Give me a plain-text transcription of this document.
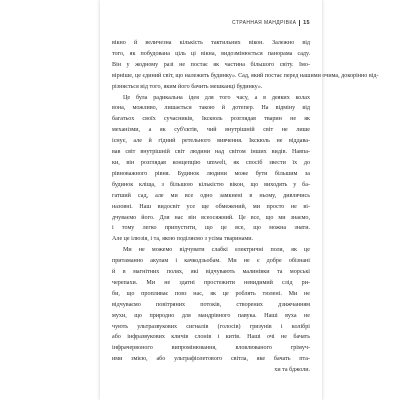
СТРАННАЯ МАНДРІВКА 15
вікно й величезна кількість тактильних вікон. Залежно від
того, як побудована ціль ці вікна, видозмінюється панорама саду.
Він у жодному разі не постає як частина більшого світу. Імо-
вірніше, це єдиний світ, що належить будинку». Сад, який постає перед нашими очима, докорінно від-
різняється від того, яким його бачить мешканці будинку».
Це була радикальна ідея для того часу, а в деяких колах
вона, можливо, лишається такою й дотепер. На відміну від
багатьох своїх сучасників, Ікскюль розглядав тварин не як
механізми, а як суб'єктів, чий внутрішній світ не лише
існує, але й гідний ретельного вивчення. Ікскюль не віддава-
вав світ внутрішній світ людини над світом інших видів. Навпа-
ки, він розглядав концепцію umwelt, як спосіб звести їх до
рівноважного рівня. Будинок людини може бути більшим за
будинок кліща, з більшою кількістю вікон, що виходять у ба-
гатший сад, але ми все одно замкнені в ньому, дивлячись
назовні. Наш видосвіт усе ще обмежений, ми просто не ві-
дчуваємо його. Для нас він всеосяжний. Це все, що ми знаємо,
і тому легко припустити, що це все, що можна знати.
Але це ілюзія, і та, якою поділяємо з усіма тваринами.
Ми не можемо відчувати слабкі електричні поля, як це
притаманно акулам і качкодзьобам. Ми не є добре обізнані
й в магнітних полях, які відчувають малинівки та морські
черепахи. Ми не здатні простежити невидимий слід ри-
би, що пропливає повз нас, як це роблять тюлені. Ми не
відчуваємо повітряних потоків, створених дзижчанням
мухи, що природно для мандрівного павука. Наші вуха не
чують ультразвукових сигналів (голосів) гризунів і колібрі
або інфразвукових кличів слонів і китів. Наші очі не бачать
інфрачервоного випромінювання, вловлюваного грімуч-
ими змією, або ультрафіолетового світла, яке бачать пта-
хи та бджоли.
